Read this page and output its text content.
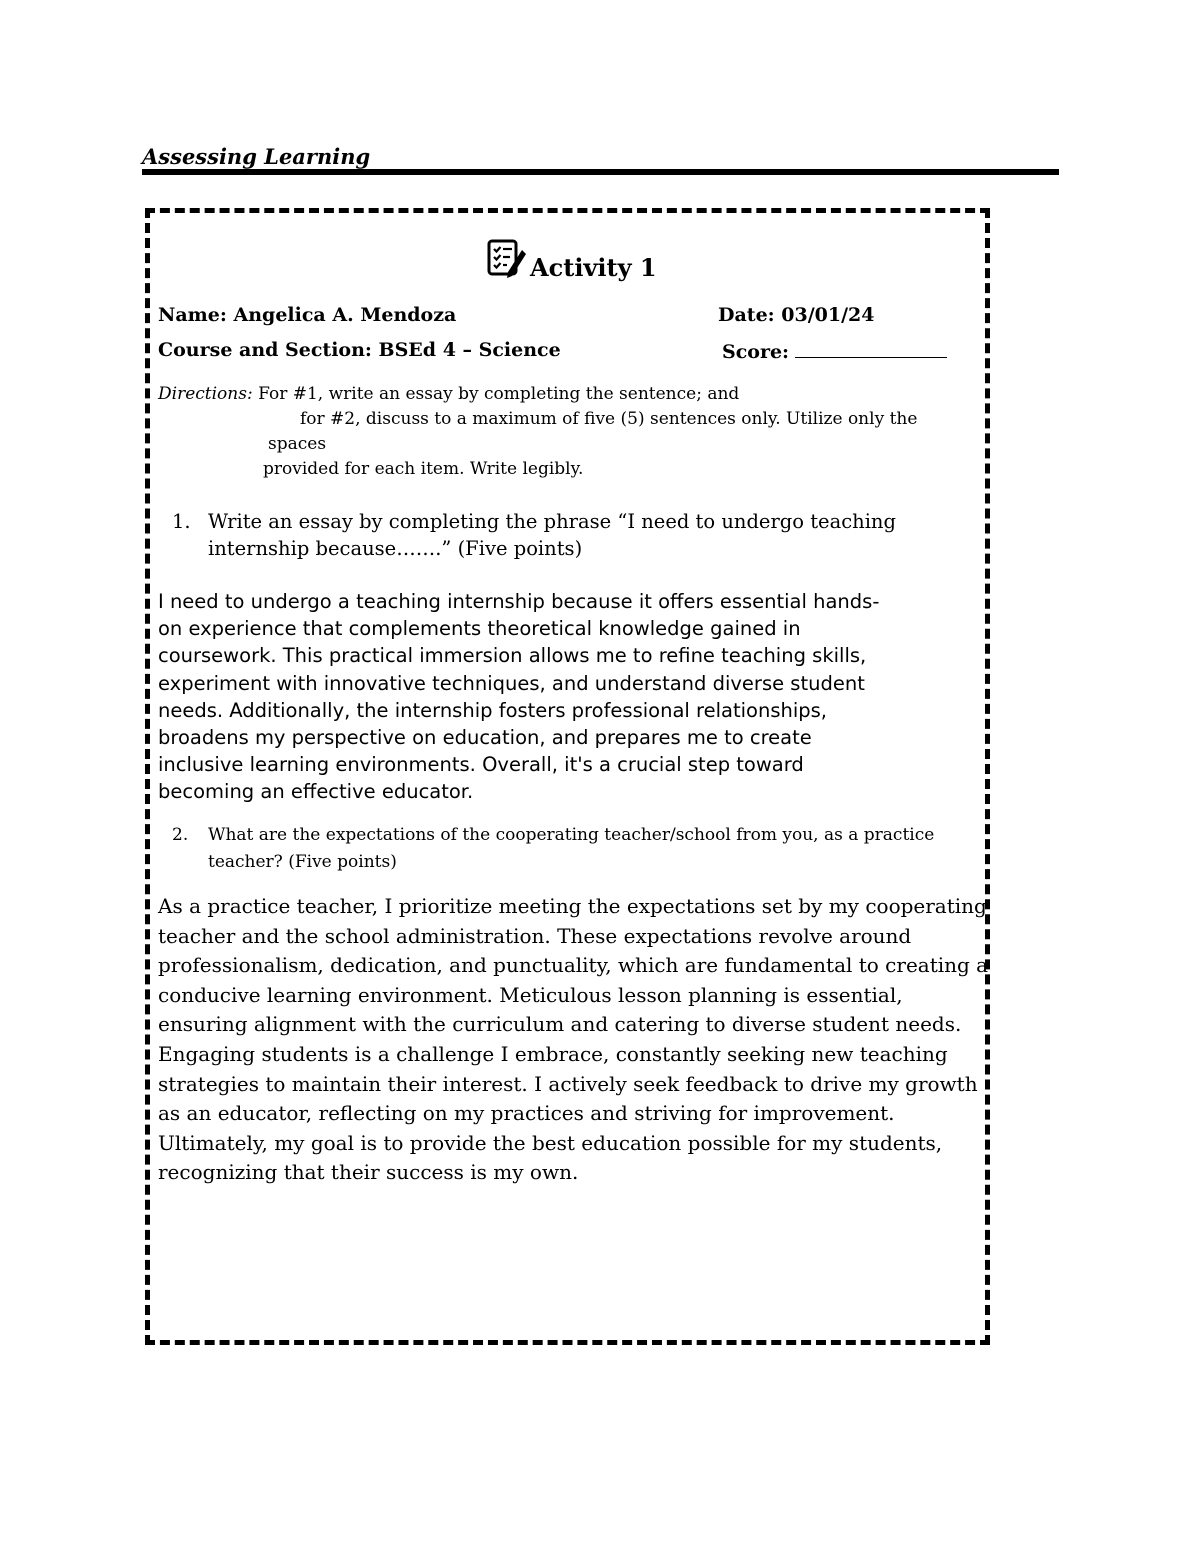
Assessing Learning
Activity 1
Name: Angelica A. Mendoza	Date: 03/01/24
Course and Section: BSEd 4 – Science	Score:
Directions: For #1, write an essay by completing the sentence; and
for #2, discuss to a maximum of five (5) sentences only. Utilize only the
spaces
provided for each item. Write legibly.
1. Write an essay by completing the phrase “I need to undergo teaching
internship because…….” (Five points)
I need to undergo a teaching internship because it offers essential hands-
on experience that complements theoretical knowledge gained in
coursework. This practical immersion allows me to refine teaching skills,
experiment with innovative techniques, and understand diverse student
needs. Additionally, the internship fosters professional relationships,
broadens my perspective on education, and prepares me to create
inclusive learning environments. Overall, it's a crucial step toward
becoming an effective educator.
2. What are the expectations of the cooperating teacher/school from you, as a practice
teacher? (Five points)
As a practice teacher, I prioritize meeting the expectations set by my cooperating
teacher and the school administration. These expectations revolve around
professionalism, dedication, and punctuality, which are fundamental to creating a
conducive learning environment. Meticulous lesson planning is essential,
ensuring alignment with the curriculum and catering to diverse student needs.
Engaging students is a challenge I embrace, constantly seeking new teaching
strategies to maintain their interest. I actively seek feedback to drive my growth
as an educator, reflecting on my practices and striving for improvement.
Ultimately, my goal is to provide the best education possible for my students,
recognizing that their success is my own.
